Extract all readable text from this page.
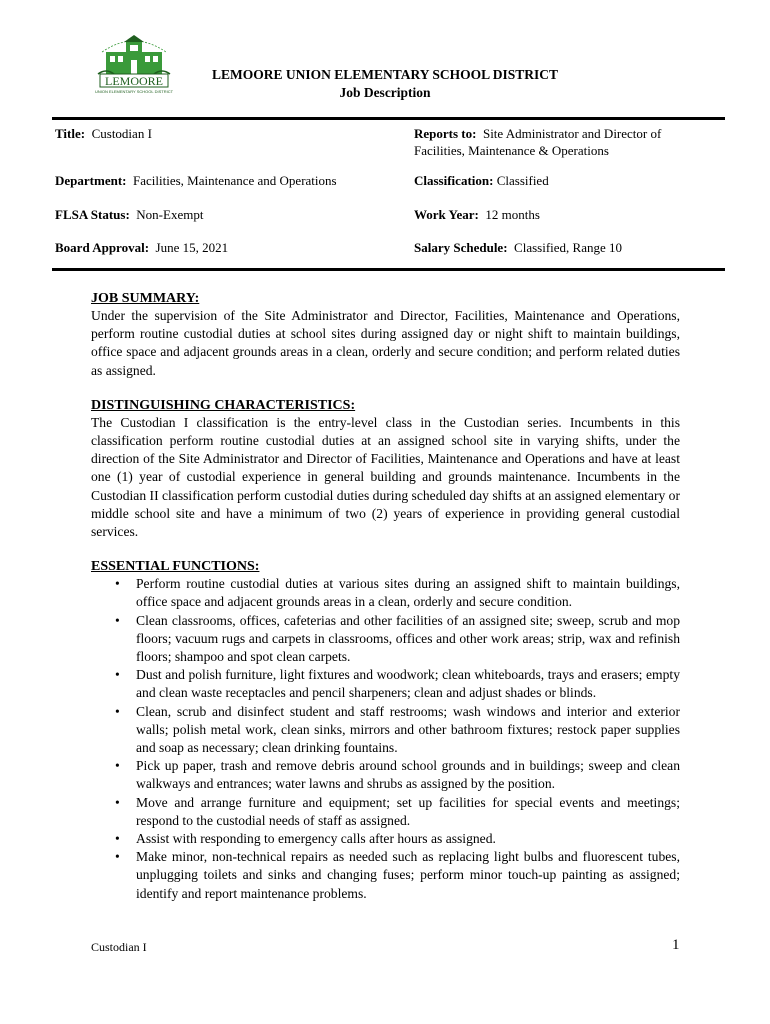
LEMOORE
UNION ELEMENTARY SCHOOL DISTRICT
LEMOORE UNION ELEMENTARY SCHOOL DISTRICT
Job Description
Title: Custodian I	Reports to: Site Administrator and Director of
Facilities, Maintenance & Operations
Department: Facilities, Maintenance and Operations	Classification: Classified
FLSA Status: Non-Exempt	Work Year: 12 months
Board Approval: June 15, 2021	Salary Schedule: Classified, Range 10
JOB SUMMARY:

Under the supervision of the Site Administrator and Director, Facilities, Maintenance and Operations, perform routine custodial duties at school sites during assigned day or night shift to maintain buildings, office space and adjacent grounds areas in a clean, orderly and secure condition; and perform related duties as assigned.

DISTINGUISHING CHARACTERISTICS:

The Custodian I classification is the entry-level class in the Custodian series. Incumbents in this classification perform routine custodial duties at an assigned school site in varying shifts, under the direction of the Site Administrator and Director of Facilities, Maintenance and Operations and have at least one (1) year of custodial experience in general building and grounds maintenance. Incumbents in the Custodian II classification perform custodial duties during scheduled day shifts at an assigned elementary or middle school site and have a minimum of two (2) years of experience in providing general custodial services.

ESSENTIAL FUNCTIONS:
• Perform routine custodial duties at various sites during an assigned shift to maintain buildings, office space and adjacent grounds areas in a clean, orderly and secure condition.
• Clean classrooms, offices, cafeterias and other facilities of an assigned site; sweep, scrub and mop floors; vacuum rugs and carpets in classrooms, offices and other work areas; strip, wax and refinish floors; shampoo and spot clean carpets.
• Dust and polish furniture, light fixtures and woodwork; clean whiteboards, trays and erasers; empty and clean waste receptacles and pencil sharpeners; clean and adjust shades or blinds.
• Clean, scrub and disinfect student and staff restrooms; wash windows and interior and exterior walls; polish metal work, clean sinks, mirrors and other bathroom fixtures; restock paper supplies and soap as necessary; clean drinking fountains.
• Pick up paper, trash and remove debris around school grounds and in buildings; sweep and clean walkways and entrances; water lawns and shrubs as assigned by the position.
• Move and arrange furniture and equipment; set up facilities for special events and meetings; respond to the custodial needs of staff as assigned.
• Assist with responding to emergency calls after hours as assigned.
• Make minor, non-technical repairs as needed such as replacing light bulbs and fluorescent tubes, unplugging toilets and sinks and changing fuses; perform minor touch-up painting as assigned; identify and report maintenance problems.
Custodian I	1
